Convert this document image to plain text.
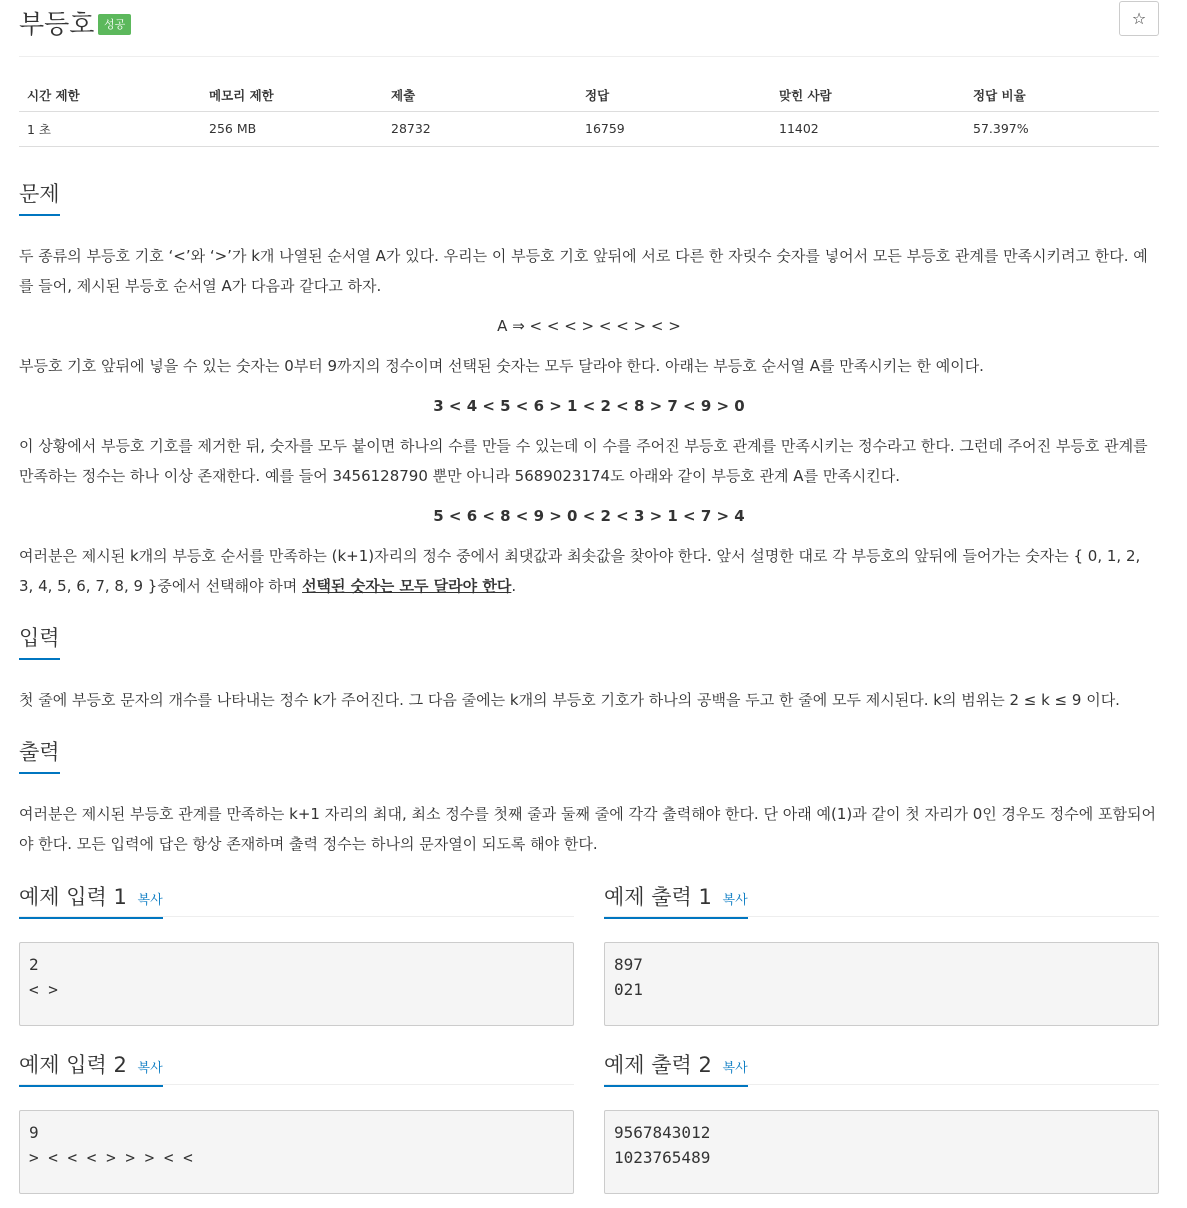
부등호 성공	☆
시간 제한	메모리 제한	제출	정답	맞힌 사람	정답 비율
1 초	256 MB	28732	16759	11402	57.397%
문제
두 종류의 부등호 기호 ‘<’와 ‘>’가 k개 나열된 순서열 A가 있다. 우리는 이 부등호 기호 앞뒤에 서로 다른 한 자릿수 숫자를 넣어서 모든 부등호 관계를 만족시키려고 한다. 예를 들어, 제시된 부등호 순서열 A가 다음과 같다고 하자.
A ⇒ < < < > < < > < >
부등호 기호 앞뒤에 넣을 수 있는 숫자는 0부터 9까지의 정수이며 선택된 숫자는 모두 달라야 한다. 아래는 부등호 순서열 A를 만족시키는 한 예이다.
3 < 4 < 5 < 6 > 1 < 2 < 8 > 7 < 9 > 0
이 상황에서 부등호 기호를 제거한 뒤, 숫자를 모두 붙이면 하나의 수를 만들 수 있는데 이 수를 주어진 부등호 관계를 만족시키는 정수라고 한다. 그런데 주어진 부등호 관계를 만족하는 정수는 하나 이상 존재한다. 예를 들어 3456128790 뿐만 아니라 5689023174도 아래와 같이 부등호 관계 A를 만족시킨다.
5 < 6 < 8 < 9 > 0 < 2 < 3 > 1 < 7 > 4
여러분은 제시된 k개의 부등호 순서를 만족하는 (k+1)자리의 정수 중에서 최댓값과 최솟값을 찾아야 한다. 앞서 설명한 대로 각 부등호의 앞뒤에 들어가는 숫자는 { 0, 1, 2, 3, 4, 5, 6, 7, 8, 9 }중에서 선택해야 하며 선택된 숫자는 모두 달라야 한다.
입력
첫 줄에 부등호 문자의 개수를 나타내는 정수 k가 주어진다. 그 다음 줄에는 k개의 부등호 기호가 하나의 공백을 두고 한 줄에 모두 제시된다. k의 범위는 2 ≤ k ≤ 9 이다.
출력
여러분은 제시된 부등호 관계를 만족하는 k+1 자리의 최대, 최소 정수를 첫째 줄과 둘째 줄에 각각 출력해야 한다. 단 아래 예(1)과 같이 첫 자리가 0인 경우도 정수에 포함되어야 한다. 모든 입력에 답은 항상 존재하며 출력 정수는 하나의 문자열이 되도록 해야 한다.
예제 입력 1 복사
2
< >
예제 출력 1 복사
897
021
예제 입력 2 복사
9
> < < < > > > < <
예제 출력 2 복사
9567843012
1023765489
